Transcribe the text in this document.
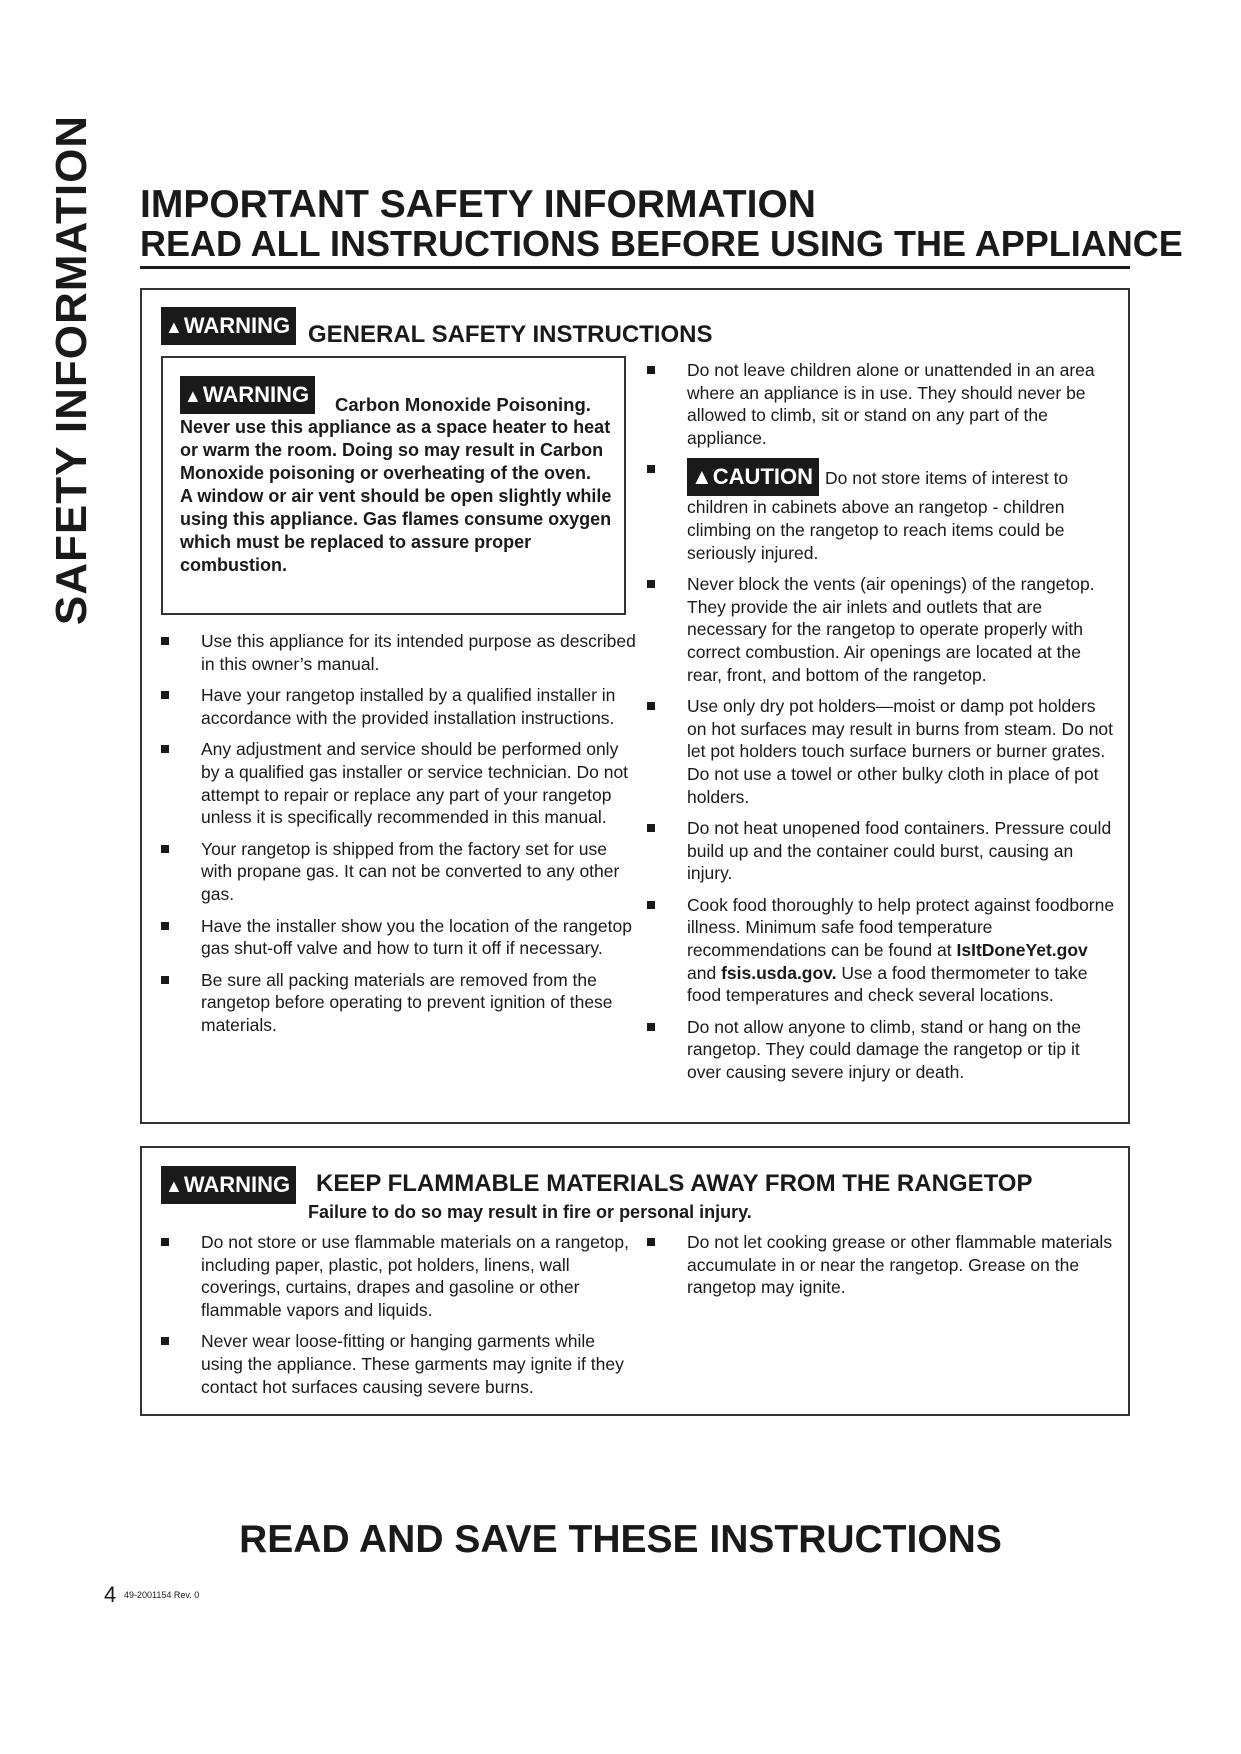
SAFETY INFORMATION IMPORTANT SAFETY INFORMATION
READ ALL INSTRUCTIONS BEFORE USING THE APPLIANCE
▲WARNING GENERAL SAFETY INSTRUCTIONS
▲WARNING	Carbon Monoxide Poisoning.
Never use this appliance as a space heater to heat or warm the room. Doing so may result in Carbon Monoxide poisoning or overheating of the oven.
A window or air vent should be open slightly while using this appliance. Gas flames consume oxygen which must be replaced to assure proper combustion.
Use this appliance for its intended purpose as described in this owner’s manual.
Have your rangetop installed by a qualified installer in accordance with the provided installation instructions.
Any adjustment and service should be performed only by a qualified gas installer or service technician. Do not attempt to repair or replace any part of your rangetop unless it is specifically recommended in this manual.
Your rangetop is shipped from the factory set for use with propane gas. It can not be converted to any other gas.
Have the installer show you the location of the rangetop gas shut-off valve and how to turn it off if necessary.
Be sure all packing materials are removed from the rangetop before operating to prevent ignition of these materials.
Do not leave children alone or unattended in an area where an appliance is in use. They should never be allowed to climb, sit or stand on any part of the appliance.
▲CAUTION Do not store items of interest to children in cabinets above an rangetop - children climbing on the rangetop to reach items could be seriously injured.
Never block the vents (air openings) of the rangetop. They provide the air inlets and outlets that are necessary for the rangetop to operate properly with correct combustion. Air openings are located at the rear, front, and bottom of the rangetop.
Use only dry pot holders—moist or damp pot holders on hot surfaces may result in burns from steam. Do not let pot holders touch surface burners or burner grates. Do not use a towel or other bulky cloth in place of pot holders.
Do not heat unopened food containers. Pressure could build up and the container could burst, causing an injury.
Cook food thoroughly to help protect against foodborne illness. Minimum safe food temperature recommendations can be found at IsItDoneYet.gov and fsis.usda.gov. Use a food thermometer to take food temperatures and check several locations.
Do not allow anyone to climb, stand or hang on the rangetop. They could damage the rangetop or tip it over causing severe injury or death.
▲WARNING KEEP FLAMMABLE MATERIALS AWAY FROM THE RANGETOP
Failure to do so may result in fire or personal injury.
Do not store or use flammable materials on a rangetop, including paper, plastic, pot holders, linens, wall coverings, curtains, drapes and gasoline or other flammable vapors and liquids.
Never wear loose-fitting or hanging garments while using the appliance. These garments may ignite if they contact hot surfaces causing severe burns.
Do not let cooking grease or other flammable materials accumulate in or near the rangetop. Grease on the rangetop may ignite.
READ AND SAVE THESE INSTRUCTIONS
4 49-2001154 Rev. 0
